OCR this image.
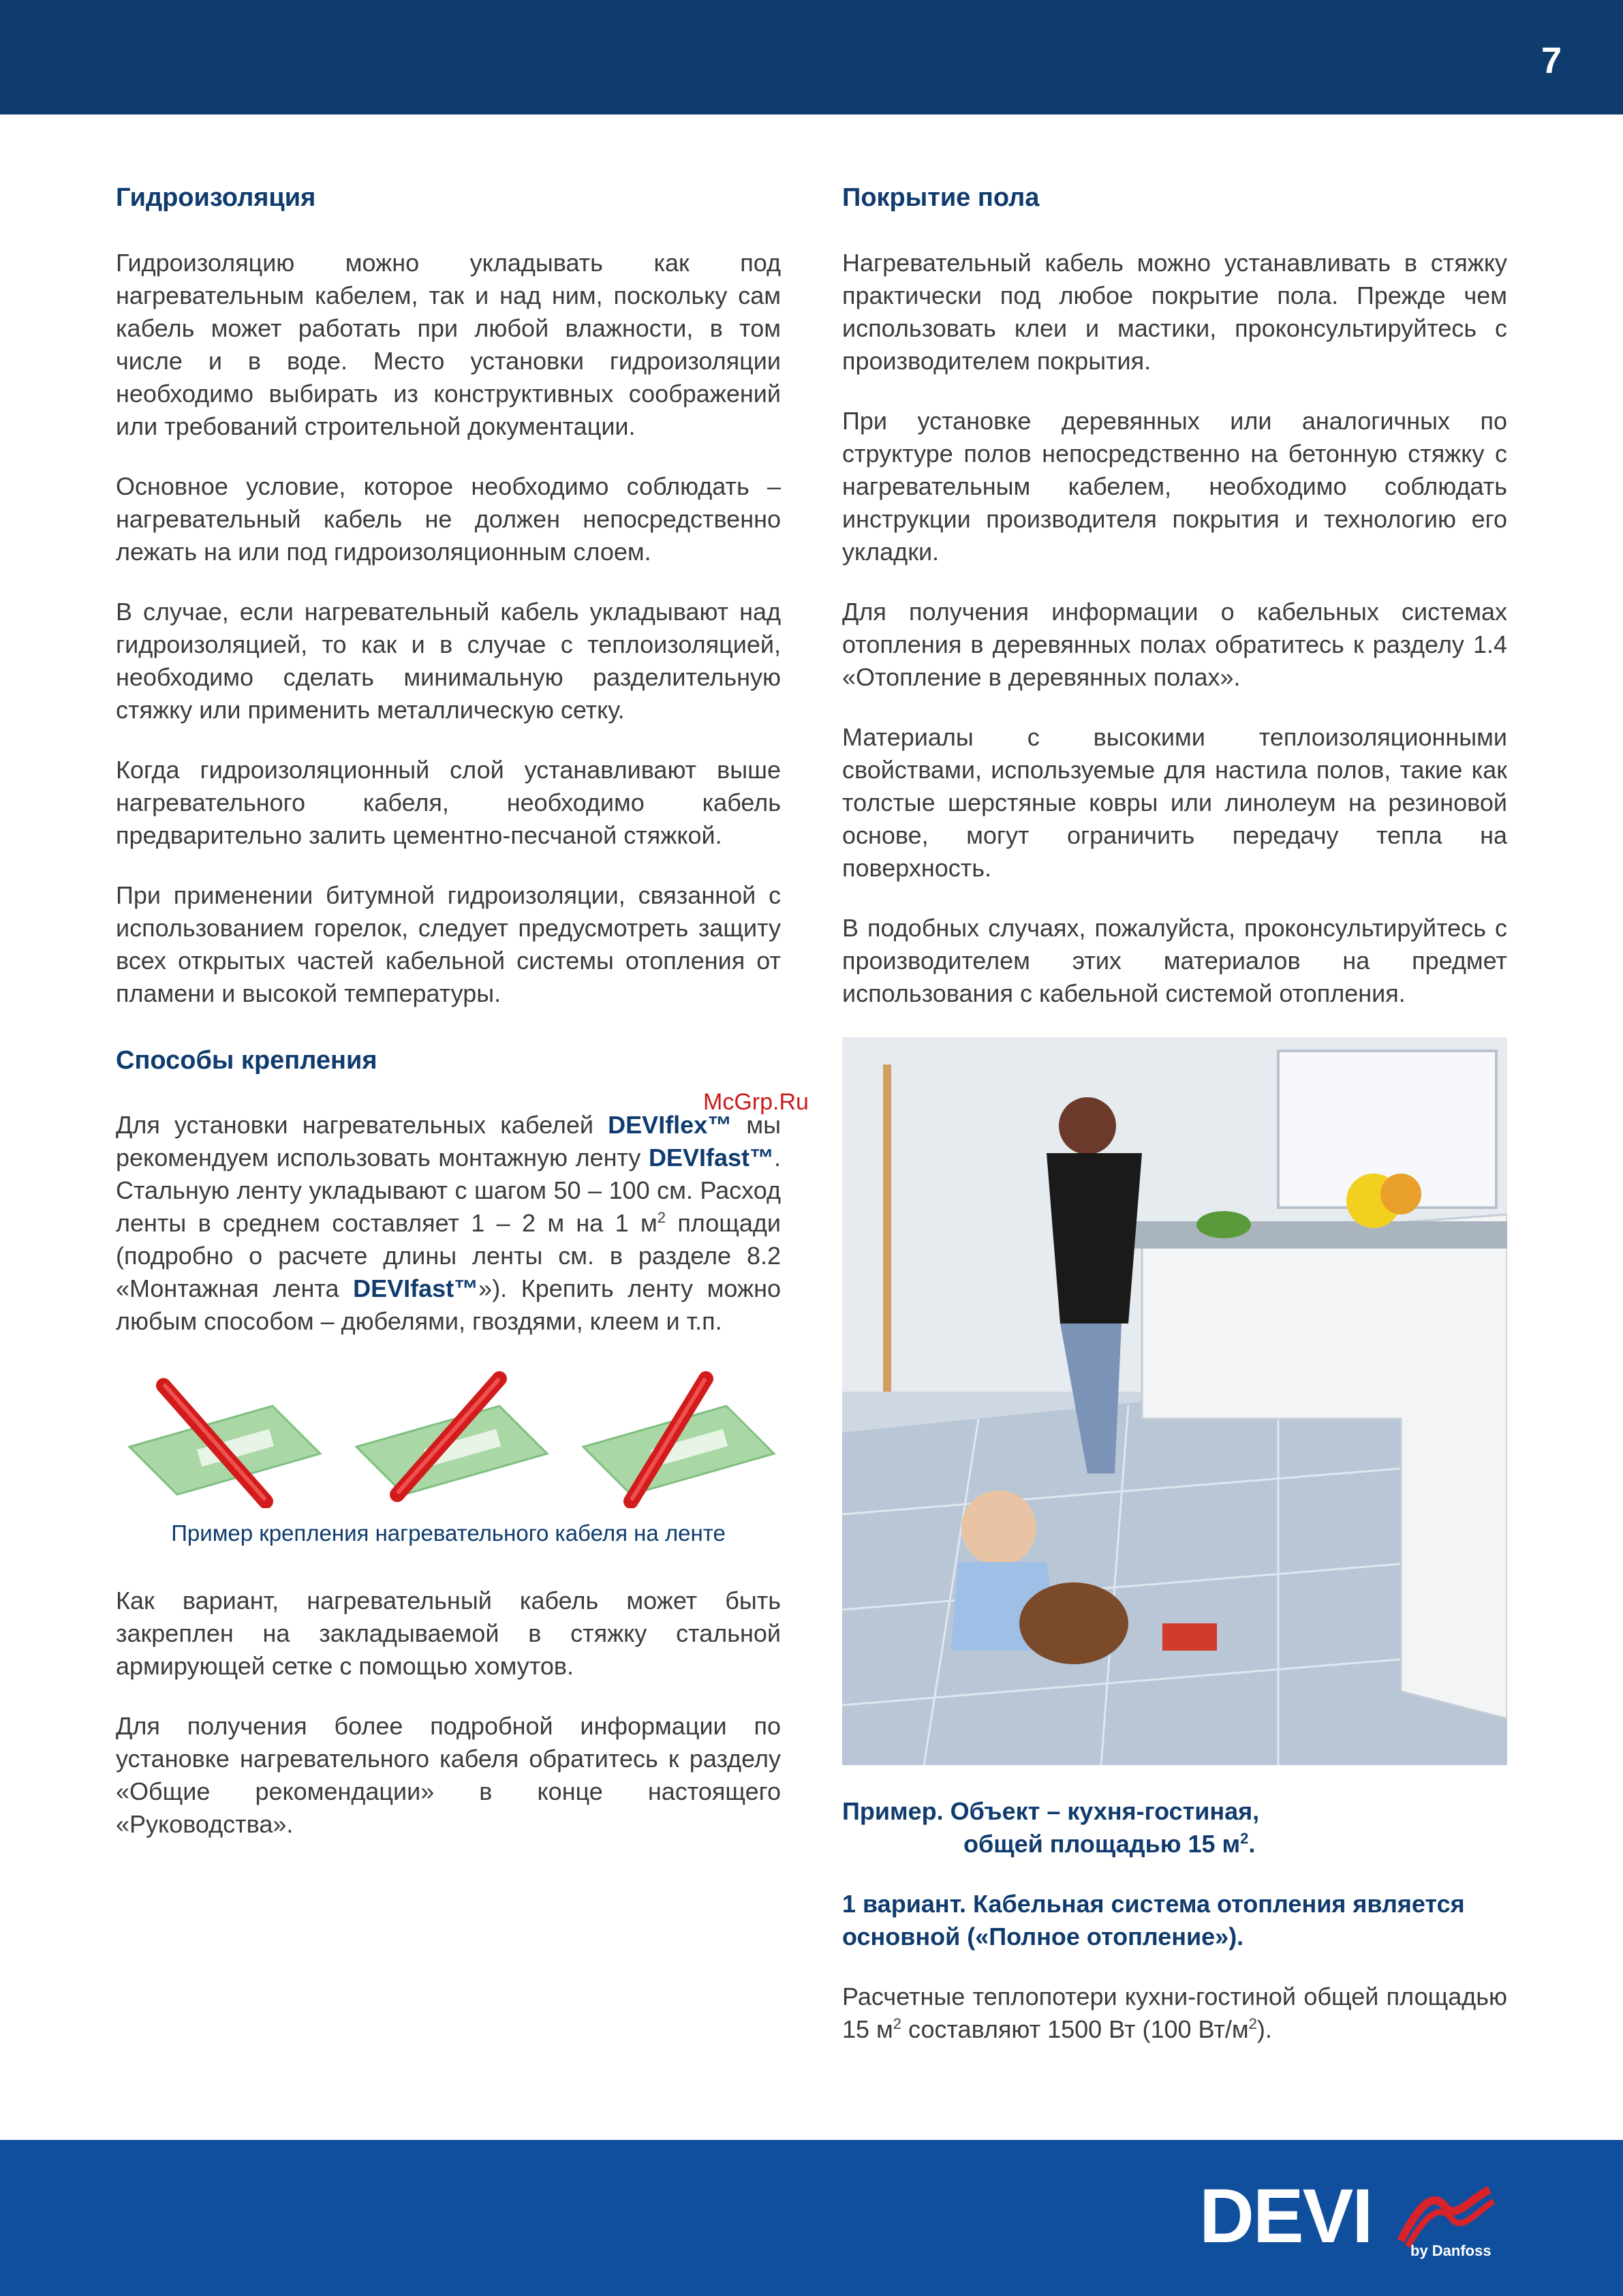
7
McGrp.Ru
Гидроизоляция

Гидроизоляцию можно укладывать как под нагревательным кабелем, так и над ним, поскольку сам кабель может работать при любой влажности, в том числе и в воде. Место установки гидроизоляции необходимо выбирать из конструктивных соображений или требований строительной документации.

Основное условие, которое необходимо соблюдать – нагревательный кабель не должен непосредственно лежать на или под гидроизоляционным слоем.

В случае, если нагревательный кабель укладывают над гидроизоляцией, то как и в случае с теплоизоляцией, необходимо сделать минимальную разделительную стяжку или применить металлическую сетку.

Когда гидроизоляционный слой устанавливают выше нагревательного кабеля, необходимо кабель предварительно залить цементно-песчаной стяжкой.

При применении битумной гидроизоляции, связанной с использованием горелок, следует предусмотреть защиту всех открытых частей кабельной системы отопления от пламени и высокой температуры.

Способы крепления

Для установки нагревательных кабелей DEVIflex™ мы рекомендуем использовать монтажную ленту DEVIfast™. Стальную ленту укладывают с шагом 50 – 100 см. Расход ленты в среднем составляет 1 – 2 м на 1 $м^2$ площади (подробно о расчете длины ленты см. в разделе 8.2 «Монтажная лента DEVIfast™»). Крепить ленту можно любым способом – дюбелями, гвоздями, клеем и т.п.

Пример крепления нагревательного кабеля на ленте

Как вариант, нагревательный кабель может быть закреплен на закладываемой в стяжку стальной армирующей сетке с помощью хомутов.

Для получения более подробной информации по установке нагревательного кабеля обратитесь к разделу «Общие рекомендации» в конце настоящего «Руководства».

Покрытие пола

Нагревательный кабель можно устанавливать в стяжку практически под любое покрытие пола. Прежде чем использовать клеи и мастики, проконсультируйтесь с производителем покрытия.

При установке деревянных или аналогичных по структуре полов непосредственно на бетонную стяжку с нагревательным кабелем, необходимо соблюдать инструкции производителя покрытия и технологию его укладки.

Для получения информации о кабельных системах отопления в деревянных полах обратитесь к разделу 1.4 «Отопление в деревянных полах».

Материалы с высокими теплоизоляционными свойствами, используемые для настила полов, такие как толстые шерстяные ковры или линолеум на резиновой основе, могут ограничить передачу тепла на поверхность.

В подобных случаях, пожалуйста, проконсультируйтесь с производителем этих материалов на предмет использования с кабельной системой отопления.

Пример. Объект – кухня-гостиная,
общей площадью 15 $м^2$.
1 вариант. Кабельная система отопления является основной («Полное отопление»).

Расчетные теплопотери кухни-гостиной общей площадью 15 $м^2$ составляют 1500 Вт (100 $Вт/м^2$).

DEVI	by Danfoss
